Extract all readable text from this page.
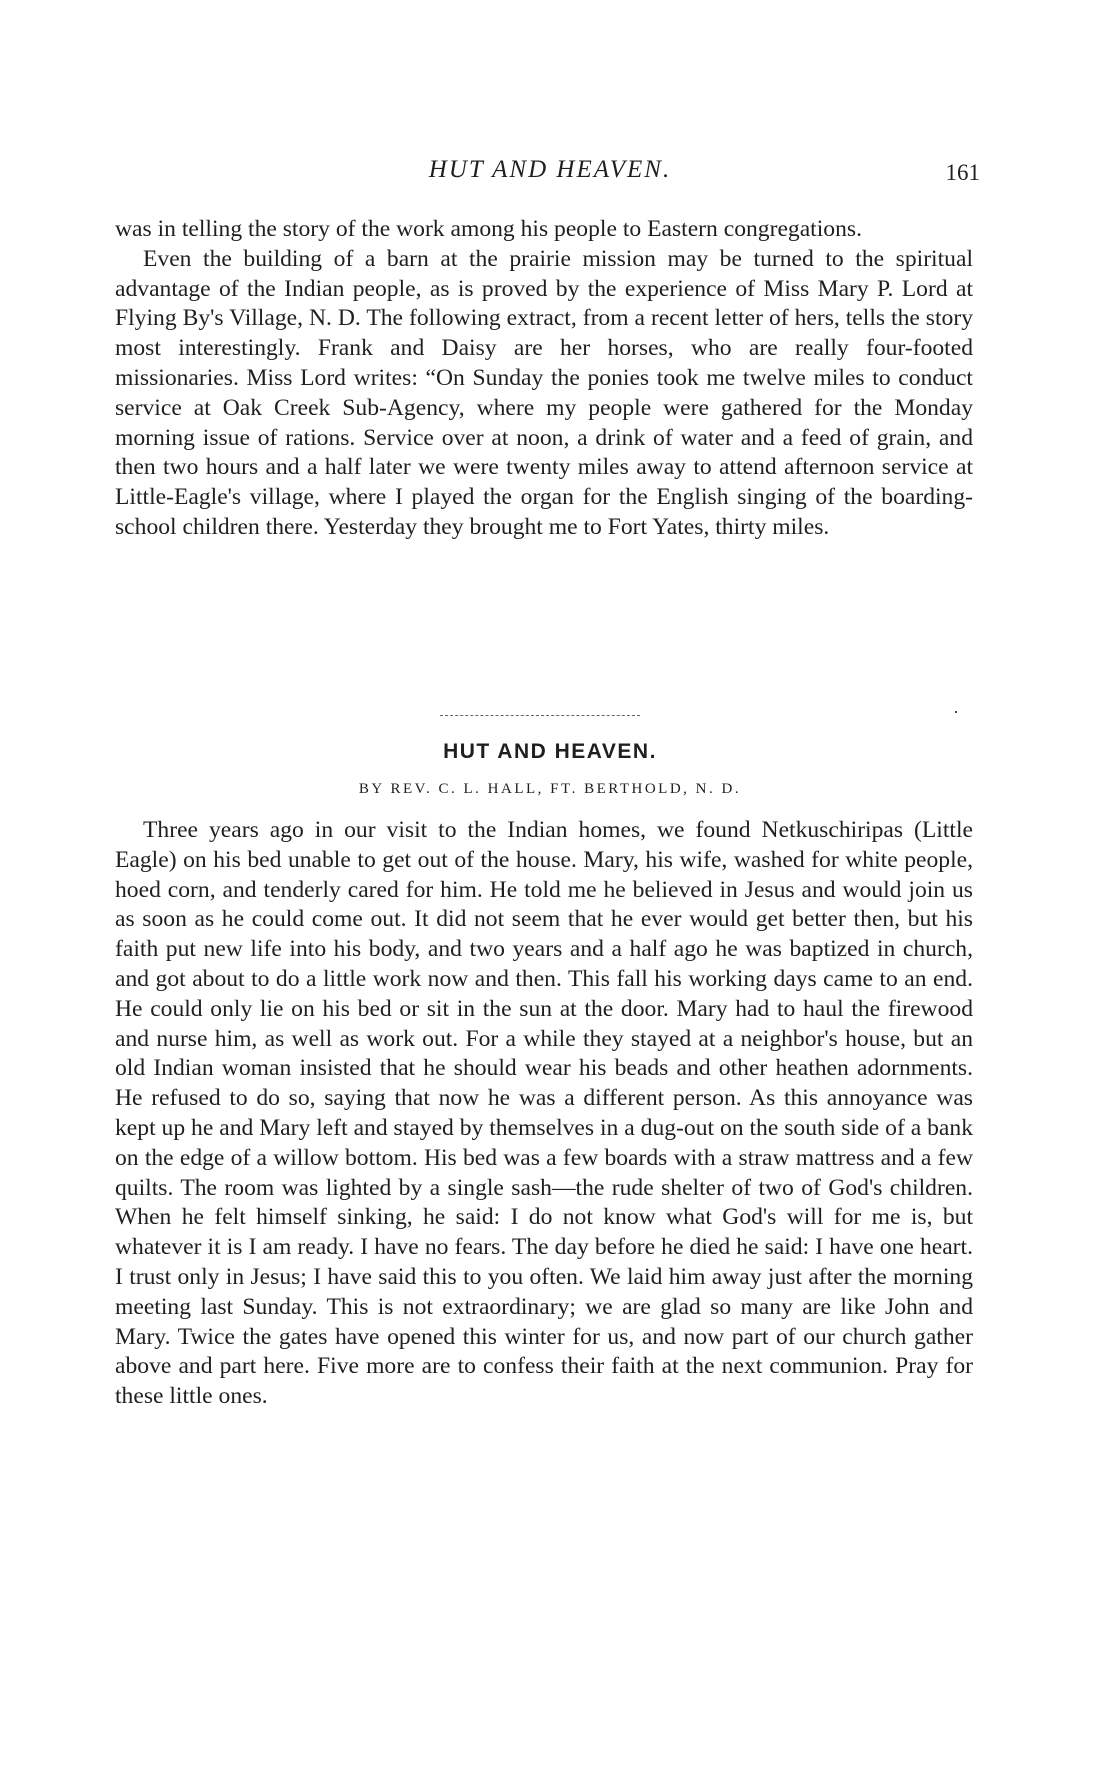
HUT AND HEAVEN.	161

was in telling the story of the work among his people to Eastern congregations.

Even the building of a barn at the prairie mission may be turned to the spiritual advantage of the Indian people, as is proved by the experience of Miss Mary P. Lord at Flying By's Village, N. D. The following extract, from a recent letter of hers, tells the story most interestingly. Frank and Daisy are her horses, who are really four-footed missionaries. Miss Lord writes: “On Sunday the ponies took me twelve miles to conduct service at Oak Creek Sub-Agency, where my people were gathered for the Monday morning issue of rations. Service over at noon, a drink of water and a feed of grain, and then two hours and a half later we were twenty miles away to attend afternoon service at Little-Eagle's village, where I played the organ for the English singing of the boarding-school children there. Yesterday they brought me to Fort Yates, thirty miles.

HUT AND HEAVEN.
BY REV. C. L. HALL, FT. BERTHOLD, N. D.

Three years ago in our visit to the Indian homes, we found Netkuschiripas (Little Eagle) on his bed unable to get out of the house. Mary, his wife, washed for white people, hoed corn, and tenderly cared for him. He told me he believed in Jesus and would join us as soon as he could come out. It did not seem that he ever would get better then, but his faith put new life into his body, and two years and a half ago he was baptized in church, and got about to do a little work now and then. This fall his working days came to an end. He could only lie on his bed or sit in the sun at the door. Mary had to haul the firewood and nurse him, as well as work out. For a while they stayed at a neighbor's house, but an old Indian woman insisted that he should wear his beads and other heathen adornments. He refused to do so, saying that now he was a different person. As this annoyance was kept up he and Mary left and stayed by themselves in a dug-out on the south side of a bank on the edge of a willow bottom. His bed was a few boards with a straw mattress and a few quilts. The room was lighted by a single sash—the rude shelter of two of God's children. When he felt himself sinking, he said: I do not know what God's will for me is, but whatever it is I am ready. I have no fears. The day before he died he said: I have one heart. I trust only in Jesus; I have said this to you often. We laid him away just after the morning meeting last Sunday. This is not extraordinary; we are glad so many are like John and Mary. Twice the gates have opened this winter for us, and now part of our church gather above and part here. Five more are to confess their faith at the next communion. Pray for these little ones.
